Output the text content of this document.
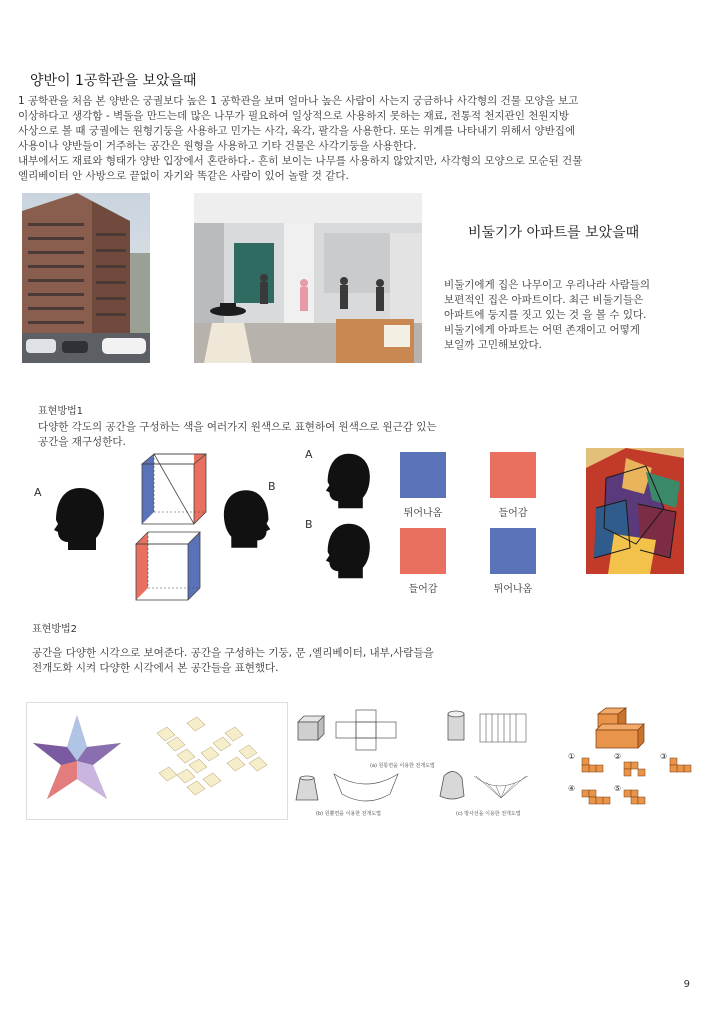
양반이 1공학관을 보았을때
1 공학관을 처음 본 양반은 궁궐보다 높은 1 공학관을 보며 얼마나 높은 사람이 사는지 궁금하나 사각형의 건물 모양을 보고
이상하다고 생각함 - 벽돌을 만드는데 많은 나무가 필요하여 일상적으로 사용하지 못하는 재료, 전통적 천지관인 천원지방
사상으로 볼 때 궁궐에는 원형기둥을 사용하고 민가는 사각, 육각, 팔각을 사용한다. 또는 위계를 나타내기 위해서 양반집에
사용이나 양반들이 거주하는 공간은 원형을 사용하고 기타 건물은 사각기둥을 사용한다.
내부에서도 재료와 형태가 양반 입장에서 혼란하다.- 흔히 보이는 나무를 사용하지 않았지만, 사각형의 모양으로 모순된 건물
엘리베이터 안 사방으로 끝없이 자기와 똑같은 사람이 있어 놀랄 것 같다.
비둘기가 아파트를 보았을때
비둘기에게 집은 나무이고 우리나라 사람들의
보편적인 집은 아파트이다. 최근 비둘기들은
아파트에 둥지를 짓고 있는 것 을 볼 수 있다.
비둘기에게 아파트는 어떤 존재이고 어떻게
보일까 고민해보았다.
표현방법1
다양한 각도의 공간을 구성하는 색을 여러가지 원색으로 표현하여 원색으로 원근감 있는
공간을 재구성한다.
A	B
A
B
튀어나옴	들어감
들어감	튀어나옴
표현방법2
공간을 다양한 시각으로 보여준다. 공간을 구성하는 기둥, 문 ,엘리베이터, 내부,사람들을
전개도화 시켜 다양한 시각에서 본 공간들을 표현했다.
(a) 원통면을 이용한 전개도법
(b) 원뿔면을 이용한 전개도법	(c) 방사선을 이용한 전개도법
①	②	③
④	⑤
9
